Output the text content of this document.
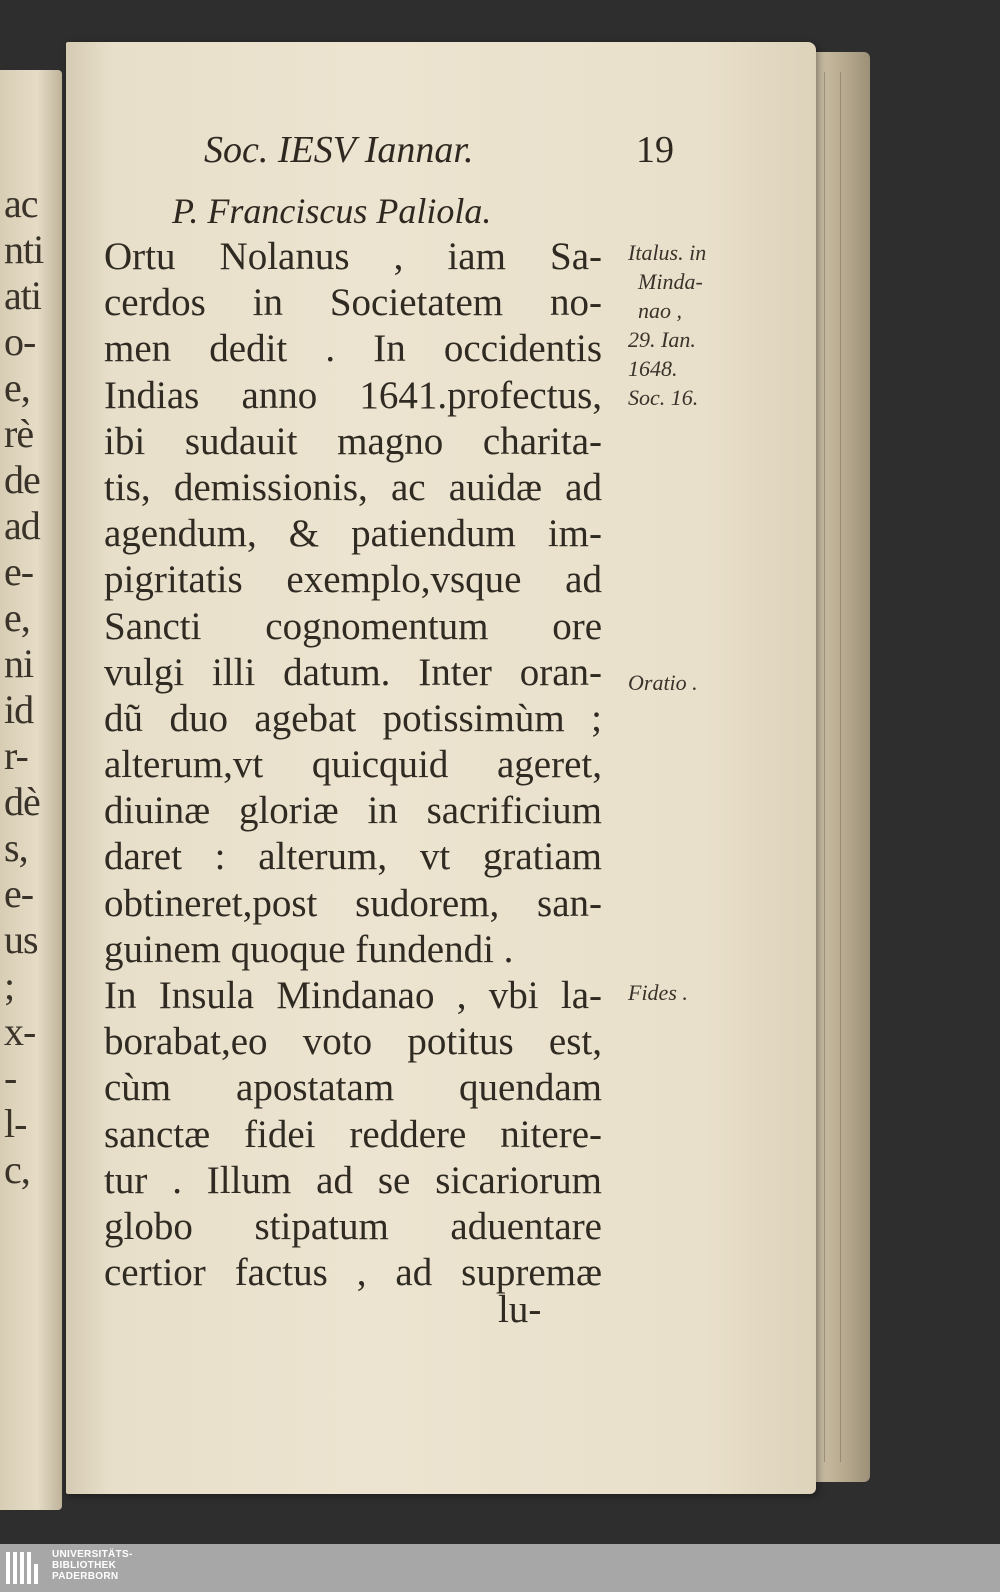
ac
nti
ati
o-
e,
rè
de
ad
e-
e,
ni
id
r-
dè
s,
e-
us
;
x-
-
l-
c,
Soc. IESV Iannar.	19
P. Franciscus Paliola.
Ortu Nolanus , iam Sa-
cerdos in Societatem no-
men dedit . In occidentis
Indias anno 1641.profectus,
ibi sudauit magno charita-
tis, demissionis, ac auidæ ad
agendum, & patiendum im-
pigritatis exemplo,vsque ad
Sancti cognomentum ore
vulgi illi datum. Inter oran-
dũ duo agebat potissimùm ;
alterum,vt quicquid ageret,
diuinæ gloriæ in sacrificium
daret : alterum, vt gratiam
obtineret,post sudorem, san-
guinem quoque fundendi .
In Insula Mindanao , vbi la-
borabat,eo voto potitus est,
cùm apostatam quendam
sanctæ fidei reddere nitere-
tur . Illum ad se sicariorum
globo stipatum aduentare
certior factus , ad supremæ
lu-
Italus. in
Minda-
nao ,
29. Ian.
1648.
Soc. 16.
Oratio .
Fides .
UNIVERSITÄTS-
BIBLIOTHEK
PADERBORN
